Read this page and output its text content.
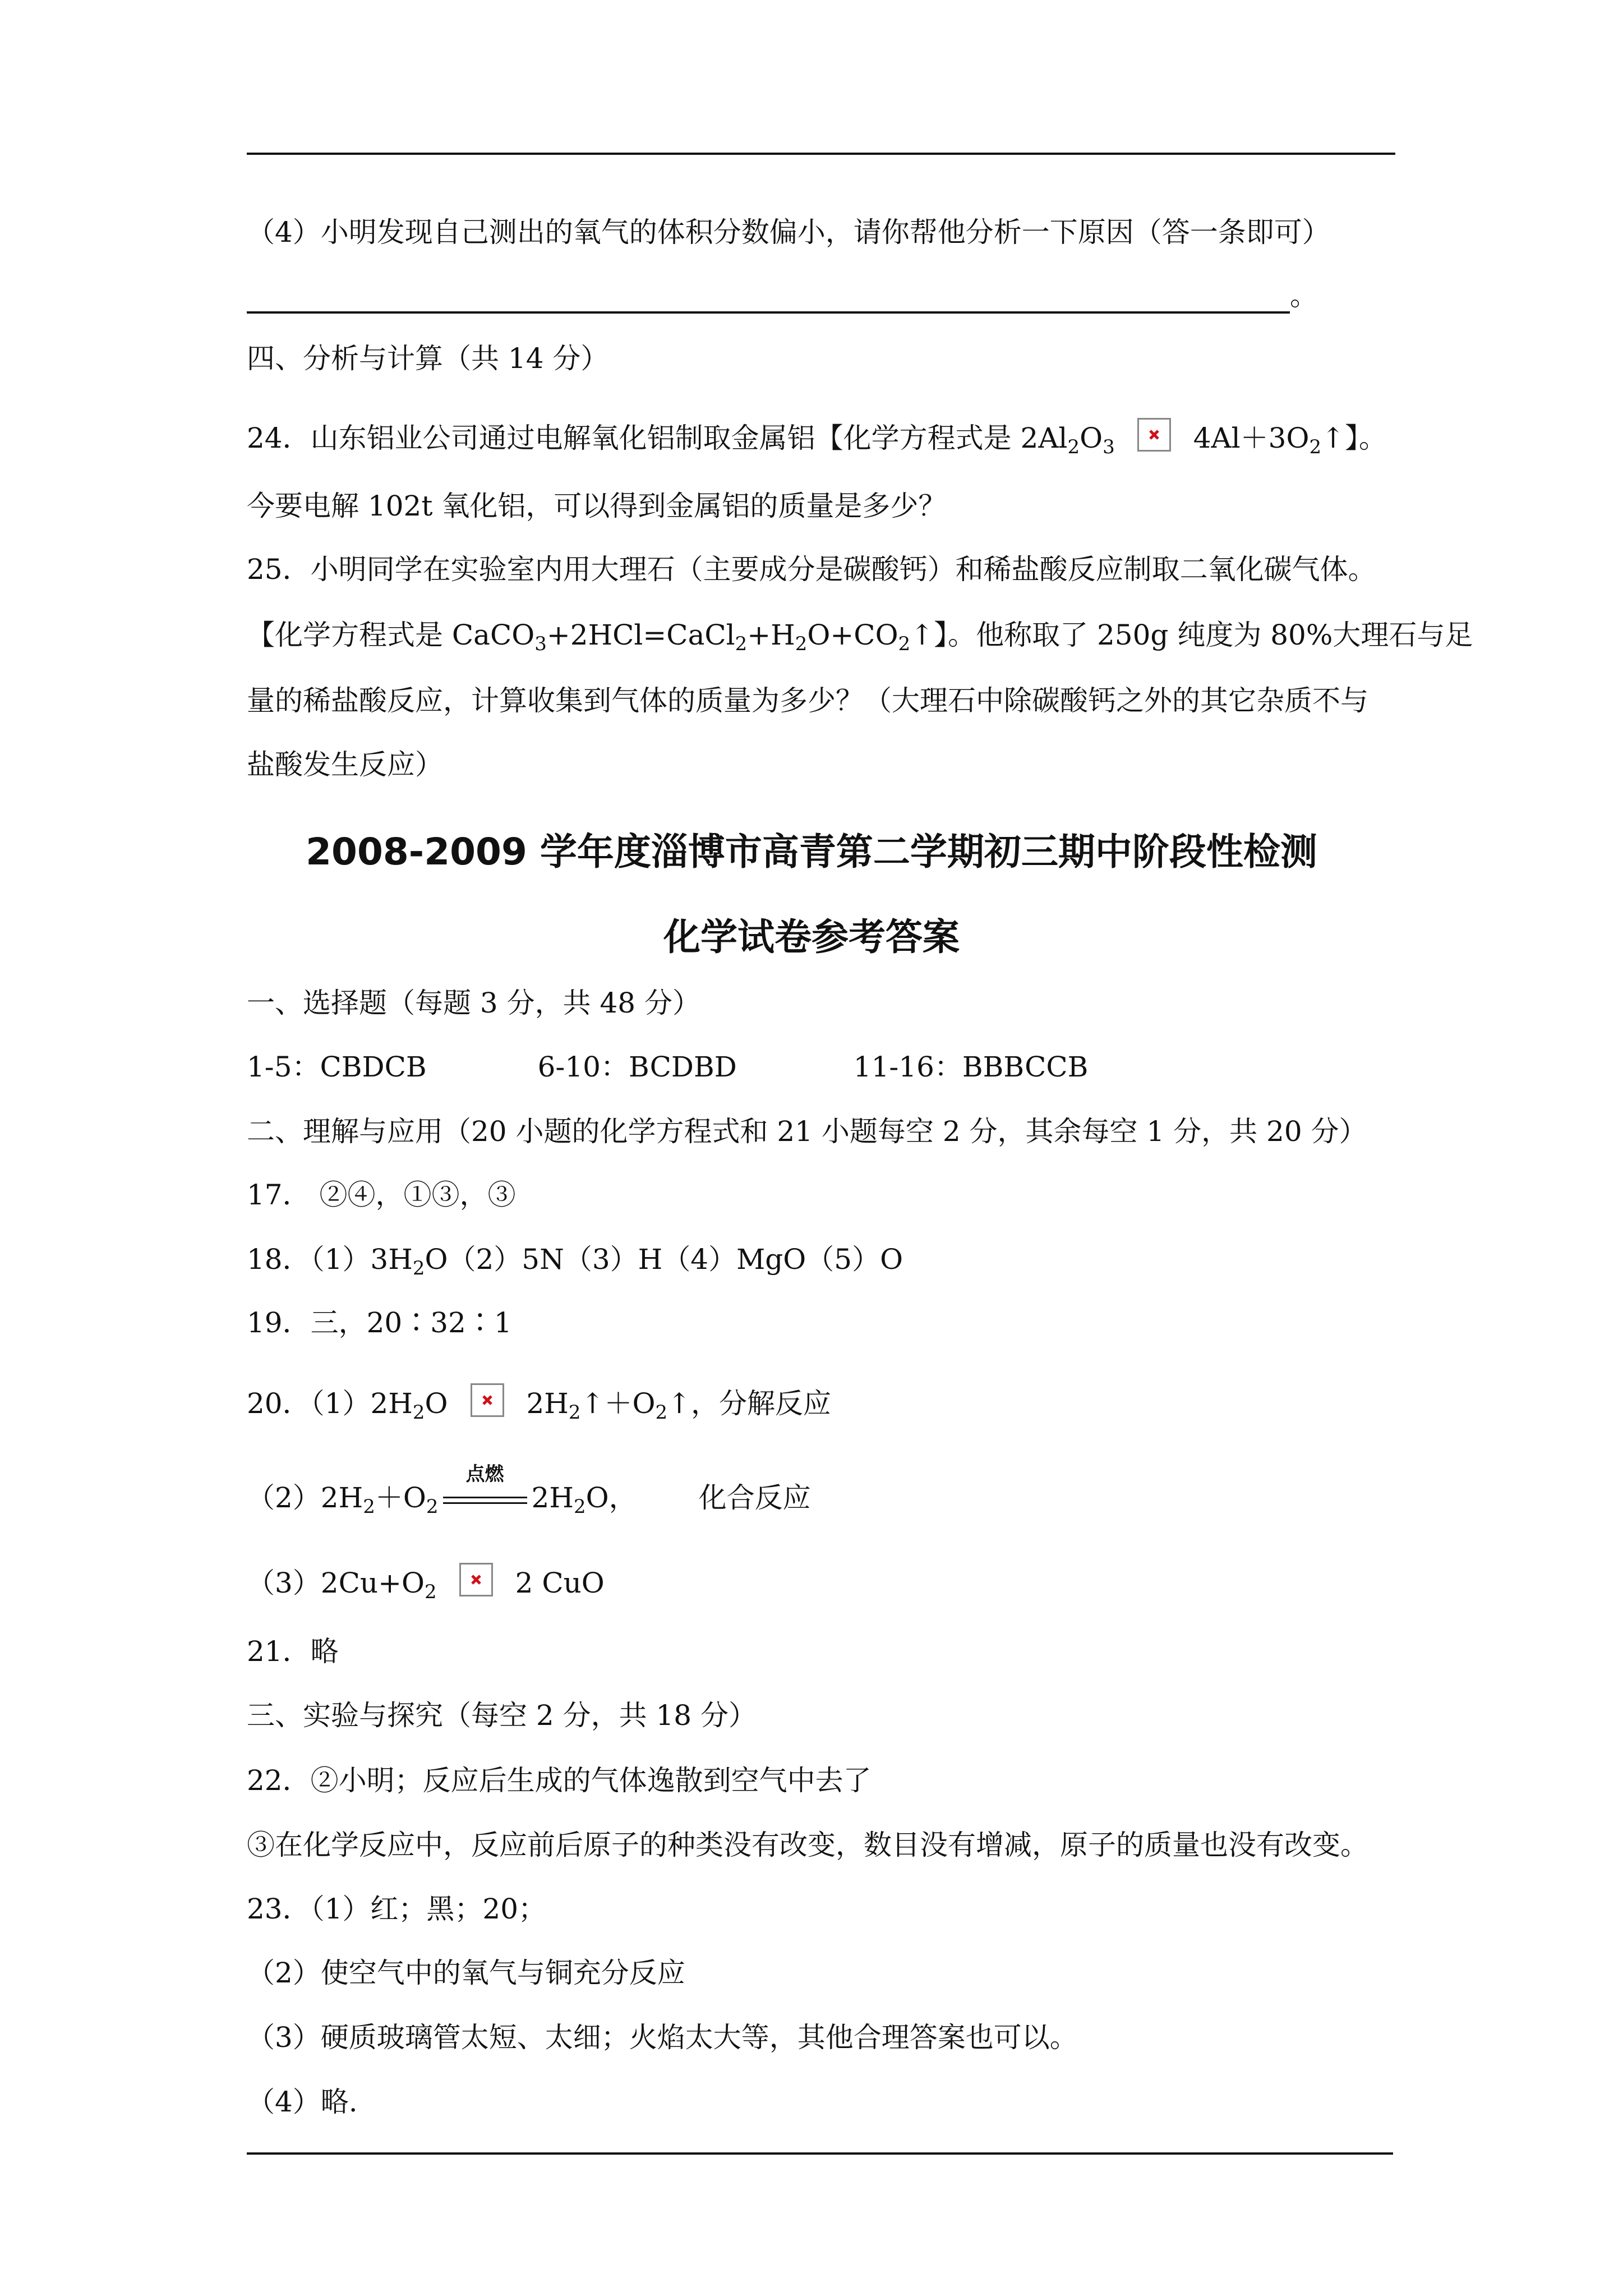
（4）小明发现自己测出的氧气的体积分数偏小，请你帮他分析一下原因（答一条即可）
。
四、分析与计算（共 14 分）
24．山东铝业公司通过电解氧化铝制取金属铝【化学方程式是 $2Al_2O_3$	$4Al+3O_2↑$】。
今要电解 102t 氧化铝，可以得到金属铝的质量是多少？
25．小明同学在实验室内用大理石（主要成分是碳酸钙）和稀盐酸反应制取二氧化碳气体。
【化学方程式是 $CaCO_3+2HCl=CaCl_2+H_2O+CO_2↑$】。他称取了 250g 纯度为 80%大理石与足
量的稀盐酸反应，计算收集到气体的质量为多少？（大理石中除碳酸钙之外的其它杂质不与
盐酸发生反应）
2008-2009 学年度淄博市高青第二学期初三期中阶段性检测
化学试卷参考答案
一、选择题（每题 3 分，共 48 分）
1-5：CBDCB	6-10：BCDBD	11-16：BBBCCB
二、理解与应用（20 小题的化学方程式和 21 小题每空 2 分，其余每空 1 分，共 20 分）
17． ②④，①③，③
18．$(1)3H_2O(2)5N(3)H(4)MgO(5)O$
19．三，20∶32∶1
20．$(1)2H_2O$	$2H_2↑+O_2↑$，分解反应
$(2)2H_2+O_2$
点燃
$2H_2O$， 化合反应
$(3)2Cu+O_2$	2 CuO
21．略
三、实验与探究（每空 2 分，共 18 分）
22．②小明；反应后生成的气体逸散到空气中去了
③在化学反应中，反应前后原子的种类没有改变，数目没有增减，原子的质量也没有改变。
23．（1）红；黑；20；
（2）使空气中的氧气与铜充分反应
（3）硬质玻璃管太短、太细；火焰太大等，其他合理答案也可以。
（4）略.
